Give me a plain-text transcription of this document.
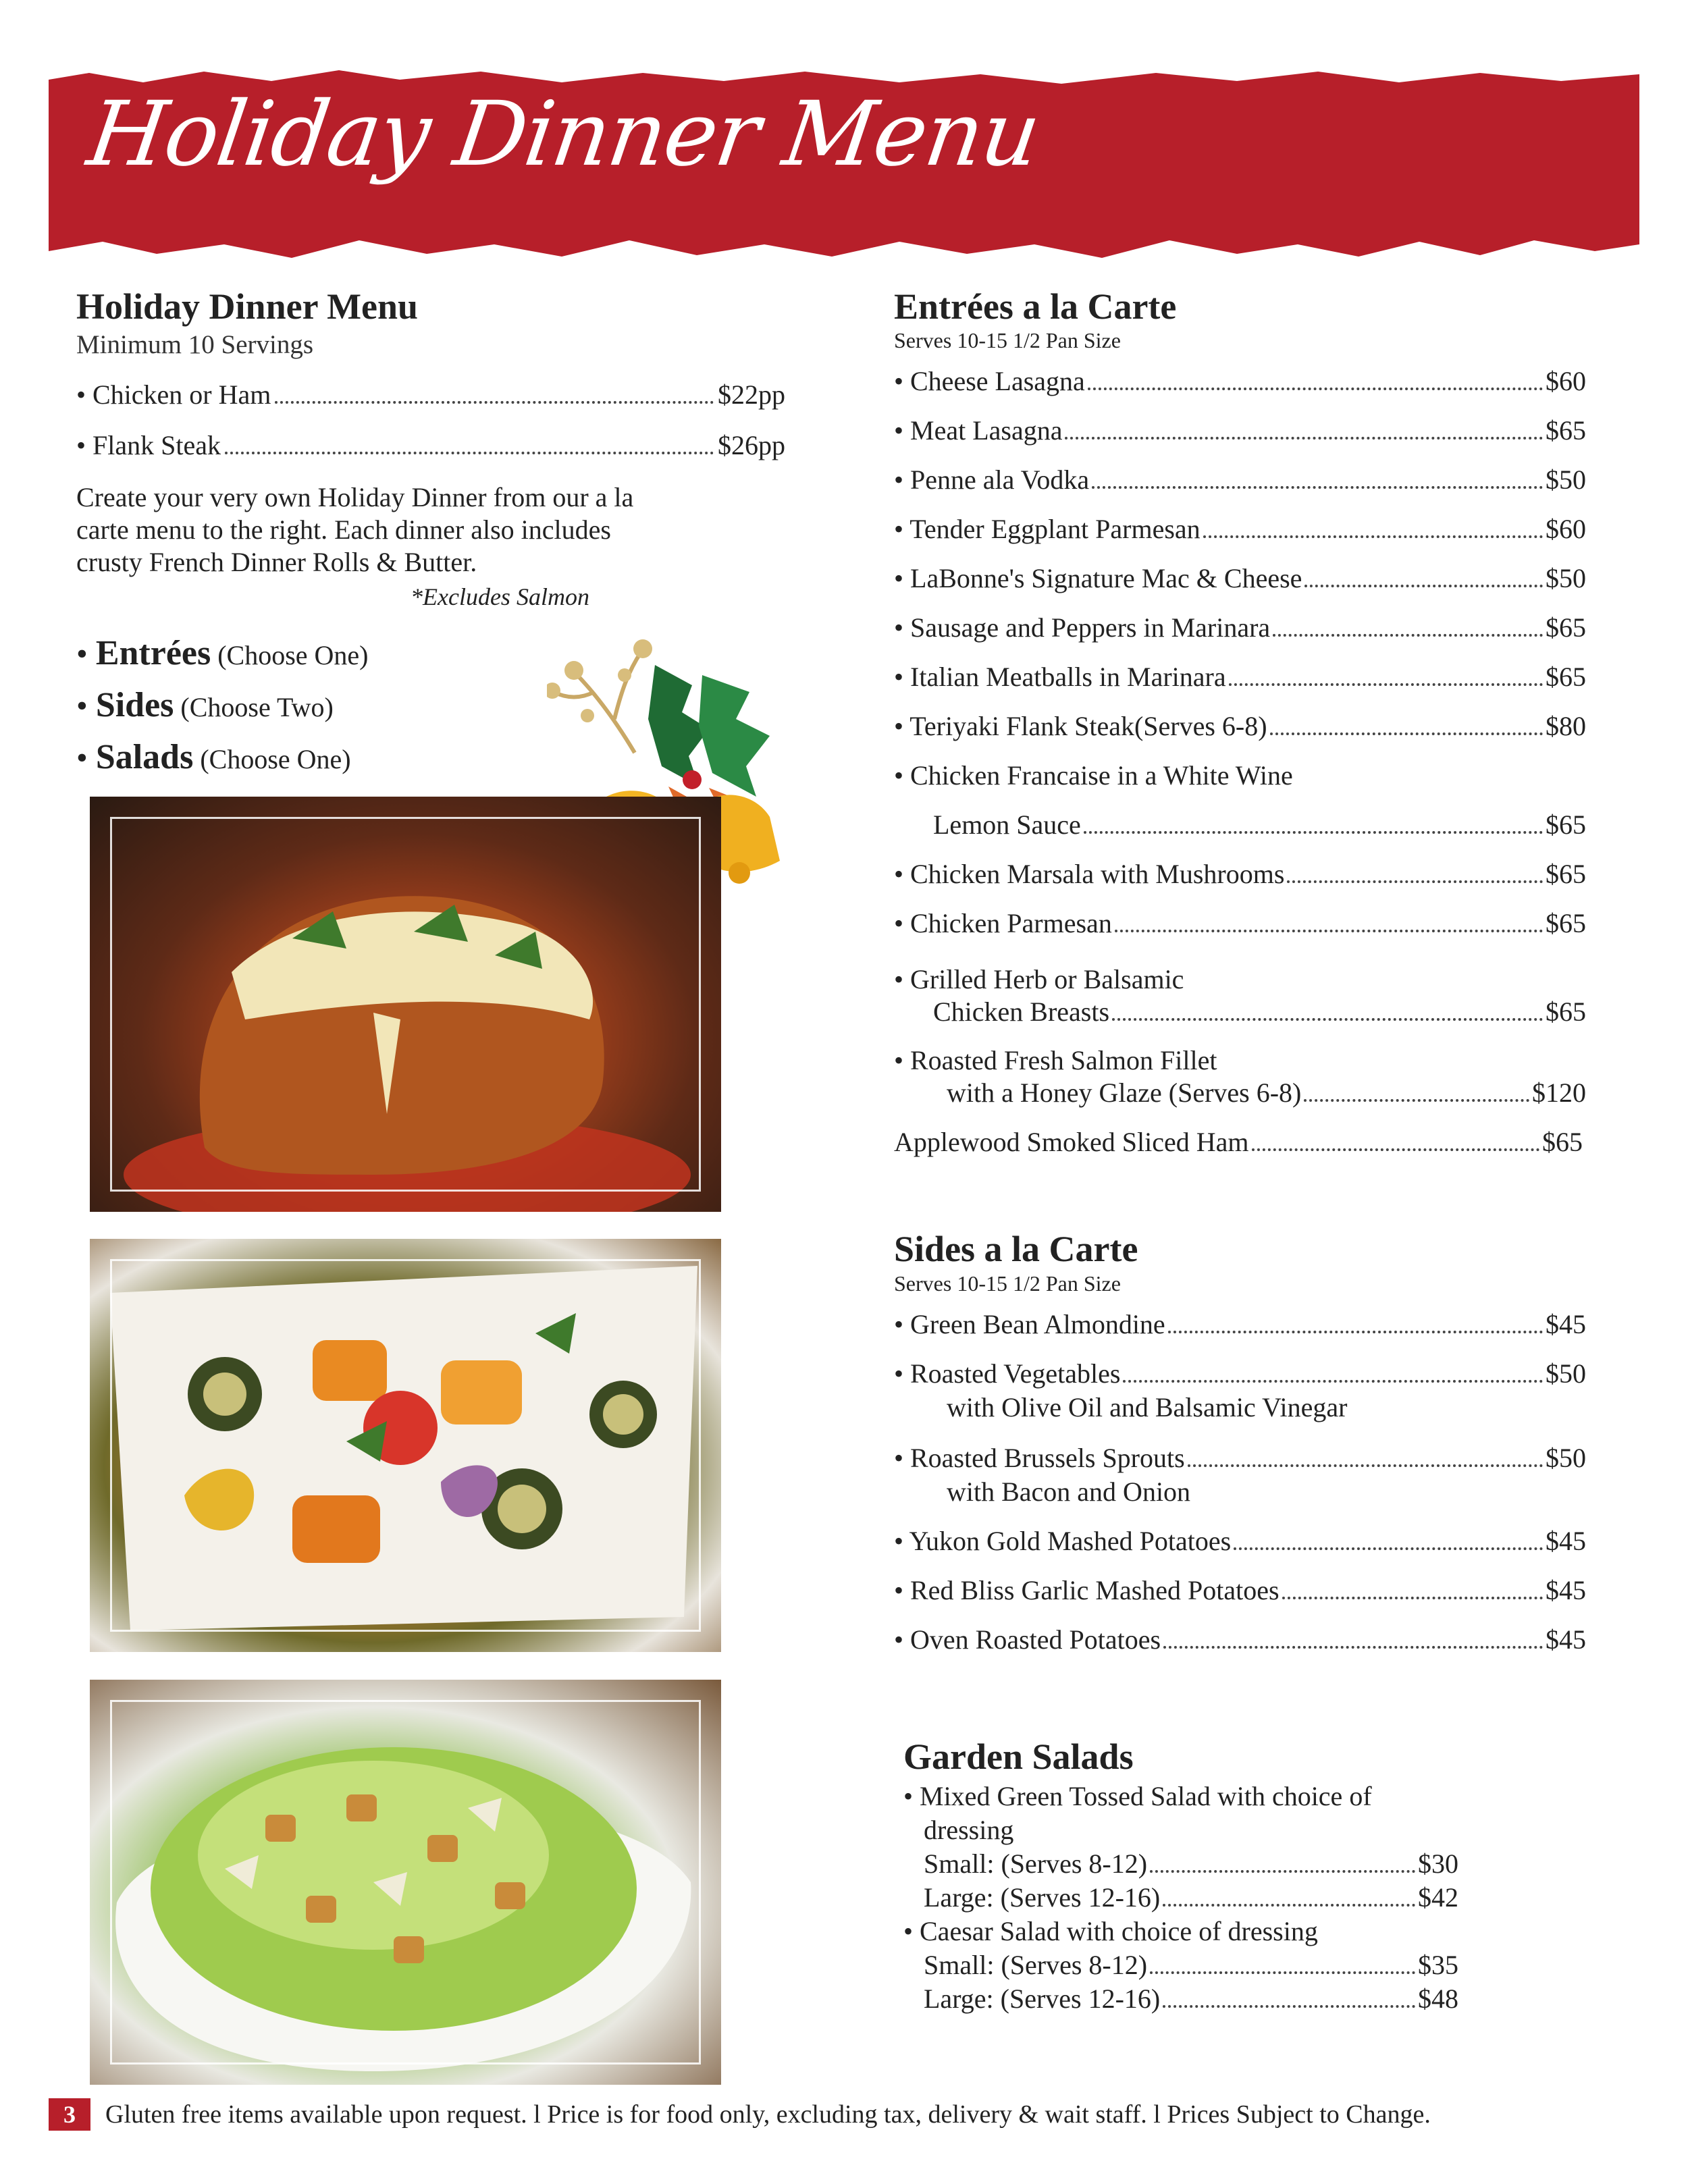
Holiday Dinner Menu
Holiday Dinner Menu
Minimum 10 Servings
• Chicken or Ham	$22pp
• Flank Steak	$26pp
Create your very own Holiday Dinner from our a la
carte menu to the right. Each dinner also includes
crusty French Dinner Rolls & Butter.
*Excludes Salmon
• Entrées (Choose One)
• Sides (Choose Two)
• Salads (Choose One)
Entrées a la Carte
Serves 10-15 1/2 Pan Size
• Cheese Lasagna	$60
• Meat Lasagna	$65
• Penne ala Vodka	$50
• Tender Eggplant Parmesan	$60
• LaBonne's Signature Mac & Cheese	$50
• Sausage and Peppers in Marinara	$65
• Italian Meatballs in Marinara	$65
• Teriyaki Flank Steak(Serves 6-8)	$80
• Chicken Francaise in a White Wine
Lemon Sauce	$65
• Chicken Marsala with Mushrooms	$65
• Chicken Parmesan	$65
• Grilled Herb or Balsamic
Chicken Breasts	$65
• Roasted Fresh Salmon Fillet
with a Honey Glaze (Serves 6-8)	$120
Applewood Smoked Sliced Ham	$65
Sides a la Carte
Serves 10-15 1/2 Pan Size
• Green Bean Almondine	$45
• Roasted Vegetables	$50
with Olive Oil and Balsamic Vinegar
• Roasted Brussels Sprouts	$50
with Bacon and Onion
• Yukon Gold Mashed Potatoes	$45
• Red Bliss Garlic Mashed Potatoes	$45
• Oven Roasted Potatoes	$45
Garden Salads
• Mixed Green Tossed Salad with choice of
dressing
Small: (Serves 8-12)	$30
Large: (Serves 12-16)	$42
• Caesar Salad with choice of dressing
Small: (Serves 8-12)	$35
Large: (Serves 12-16)	$48
3	Gluten free items available upon request. l Price is for food only, excluding tax, delivery & wait staff. l Prices Subject to Change.
